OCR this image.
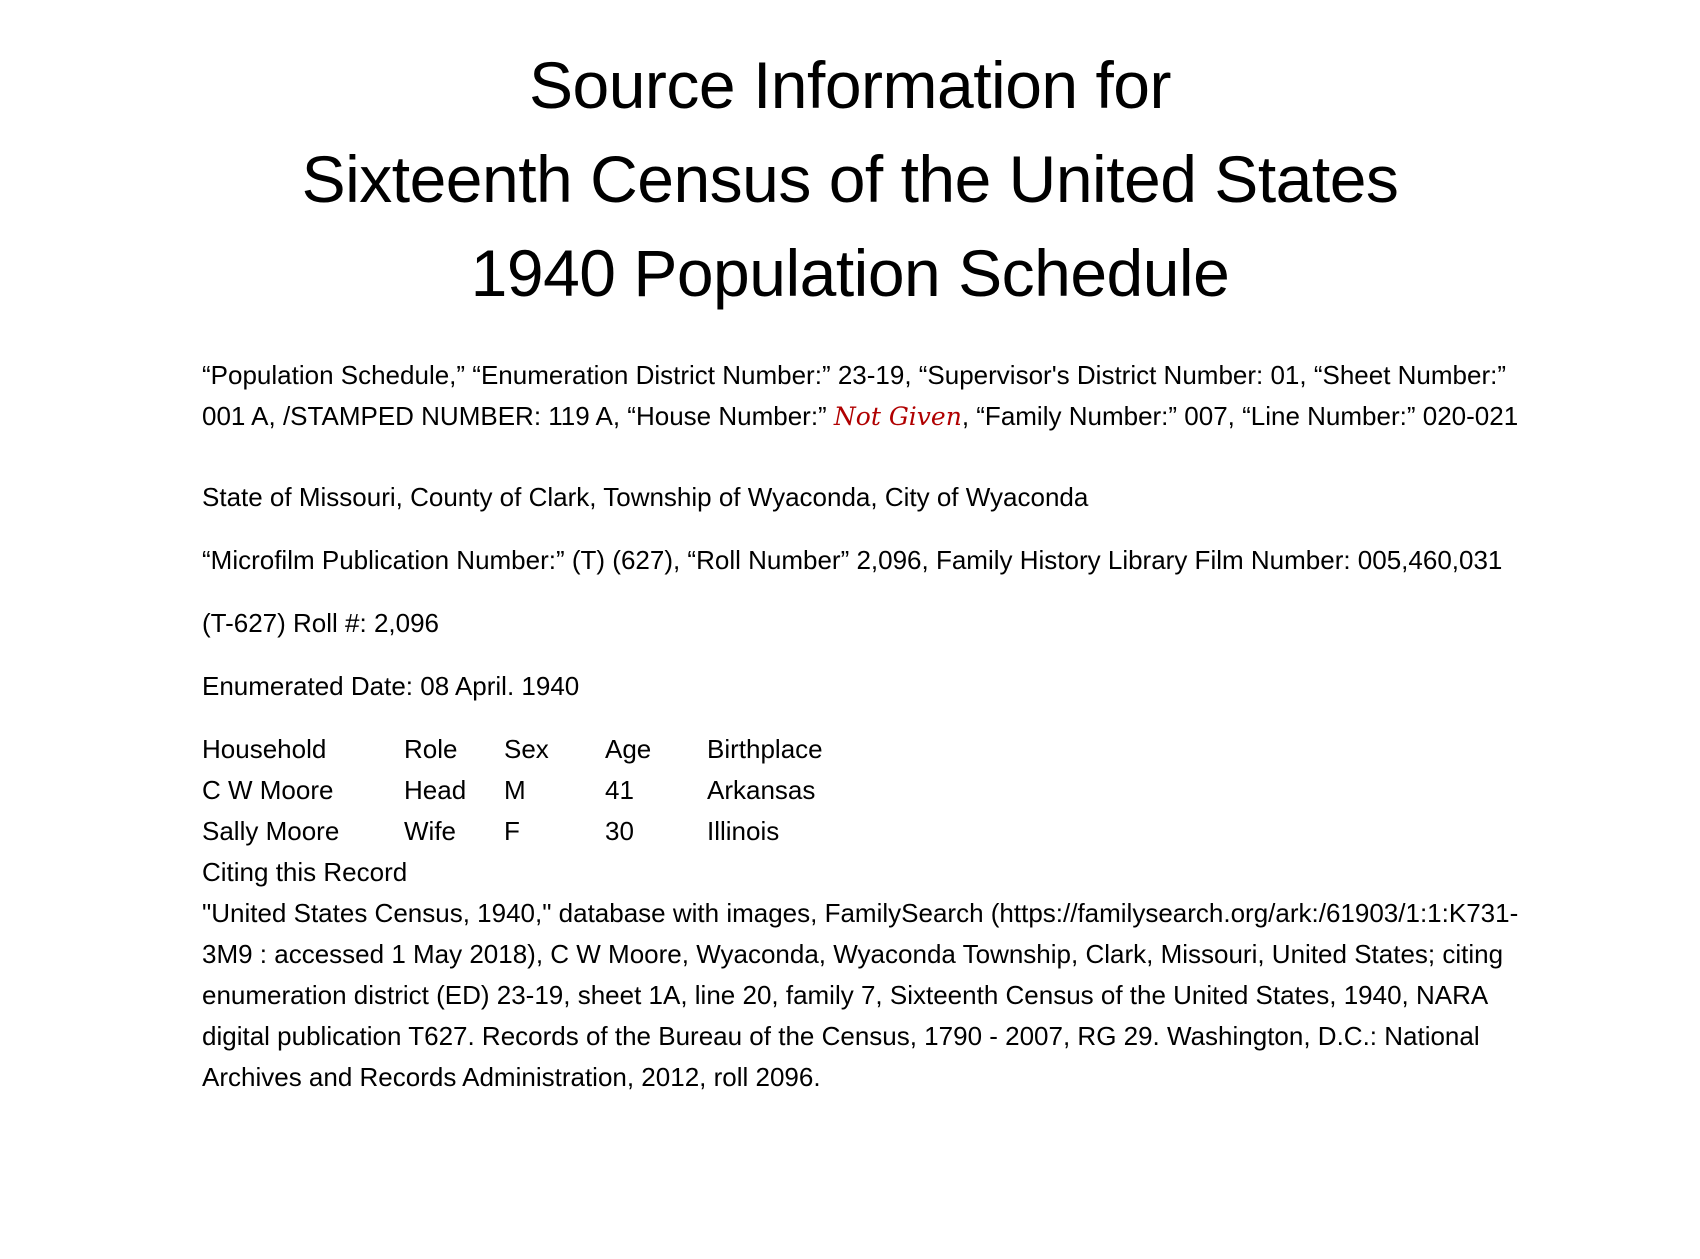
Source Information for
Sixteenth Census of the United States
1940 Population Schedule

“Population Schedule,” “Enumeration District Number:” 23-19, “Supervisor's District Number: 01, “Sheet Number:” 001 A, /STAMPED NUMBER: 119 A, “House Number:” Not Given, “Family Number:” 007, “Line Number:” 020-021

State of Missouri, County of Clark, Township of Wyaconda, City of Wyaconda

“Microfilm Publication Number:” (T) (627), “Roll Number” 2,096, Family History Library Film Number: 005,460,031

(T-627) Roll #: 2,096

Enumerated Date: 08 April. 1940

Household	Role	Sex	Age	Birthplace
C W Moore	Head	M	41	Arkansas
Sally Moore	Wife	F	30	Illinois

Citing this Record

"United States Census, 1940," database with images, FamilySearch (https://familysearch.org/ark:/61903/1:1:K731-3M9 : accessed 1 May 2018), C W Moore, Wyaconda, Wyaconda Township, Clark, Missouri, United States; citing enumeration district (ED) 23-19, sheet 1A, line 20, family 7, Sixteenth Census of the United States, 1940, NARA digital publication T627. Records of the Bureau of the Census, 1790 - 2007, RG 29. Washington, D.C.: National Archives and Records Administration, 2012, roll 2096.
